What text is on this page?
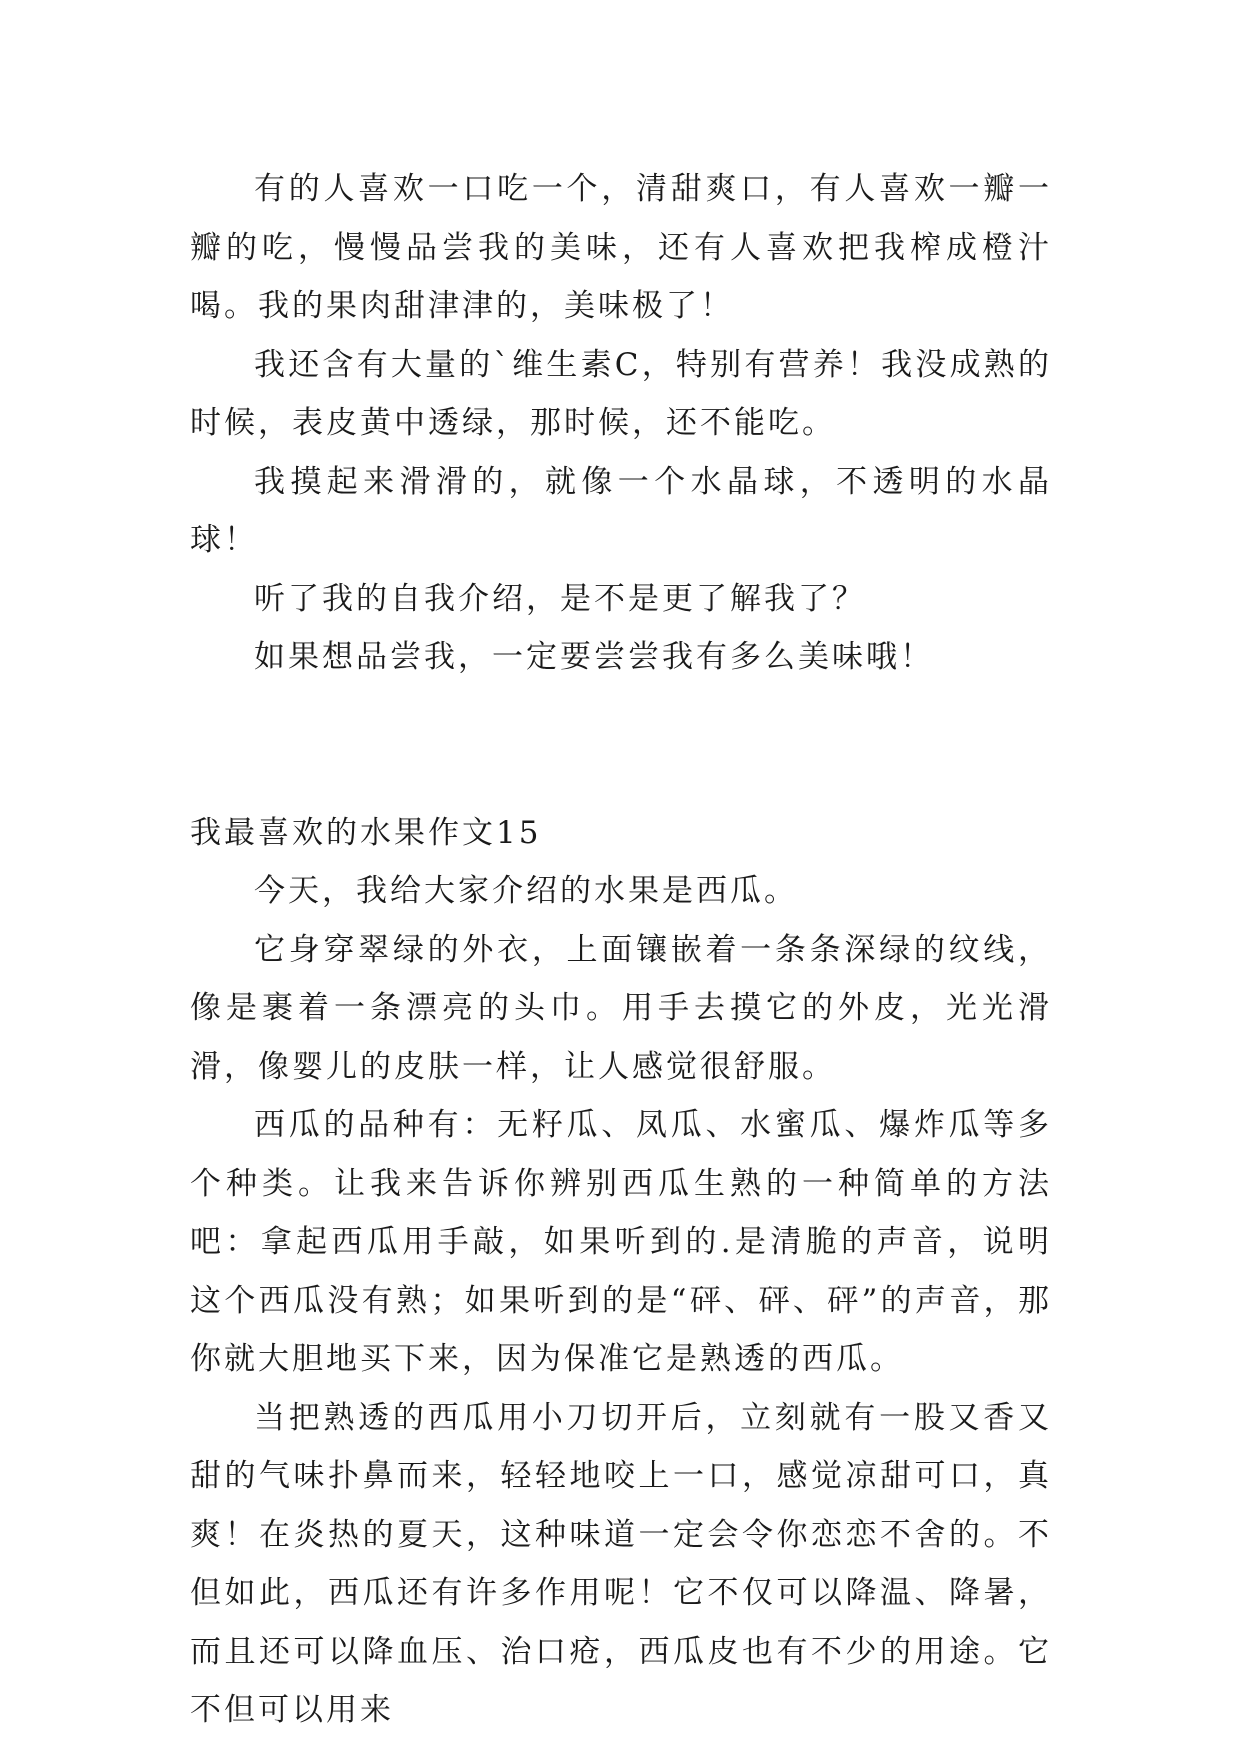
有的人喜欢一口吃一个，清甜爽口，有人喜欢一瓣一瓣的吃，慢慢品尝我的美味，还有人喜欢把我榨成橙汁喝。我的果肉甜津津的，美味极了！

我还含有大量的`维生素C，特别有营养！我没成熟的时候，表皮黄中透绿，那时候，还不能吃。

我摸起来滑滑的，就像一个水晶球，不透明的水晶球！

听了我的自我介绍，是不是更了解我了？

如果想品尝我，一定要尝尝我有多么美味哦！

我最喜欢的水果作文15

今天，我给大家介绍的水果是西瓜。

它身穿翠绿的外衣，上面镶嵌着一条条深绿的纹线，像是裹着一条漂亮的头巾。用手去摸它的外皮，光光滑滑，像婴儿的皮肤一样，让人感觉很舒服。

西瓜的品种有：无籽瓜、凤瓜、水蜜瓜、爆炸瓜等多个种类。让我来告诉你辨别西瓜生熟的一种简单的方法吧：拿起西瓜用手敲，如果听到的.是清脆的声音，说明这个西瓜没有熟；如果听到的是“砰、砰、砰”的声音，那你就大胆地买下来，因为保准它是熟透的西瓜。

当把熟透的西瓜用小刀切开后，立刻就有一股又香又甜的气味扑鼻而来，轻轻地咬上一口，感觉凉甜可口，真爽！在炎热的夏天，这种味道一定会令你恋恋不舍的。不但如此，西瓜还有许多作用呢！它不仅可以降温、降暑，而且还可以降血压、治口疮，西瓜皮也有不少的用途。它不但可以用来
